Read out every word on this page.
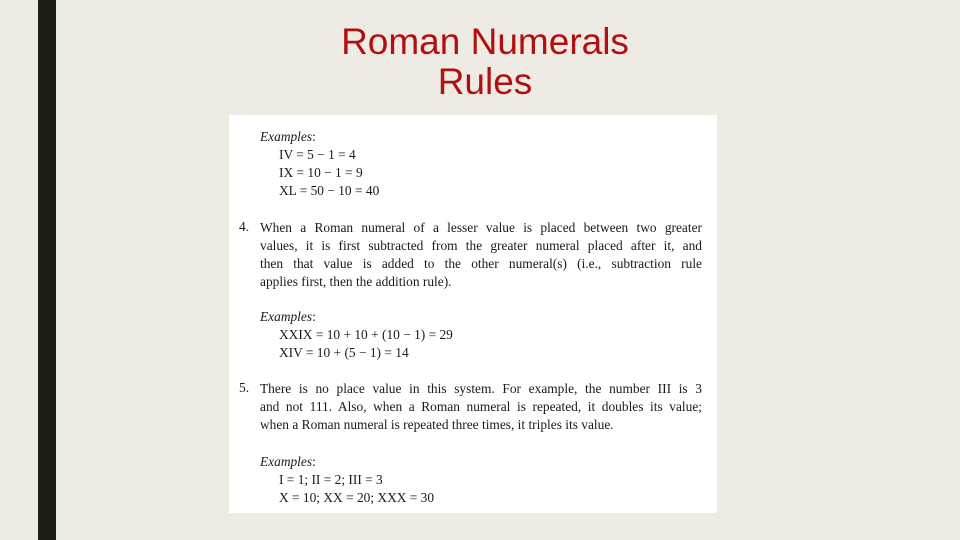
Roman Numerals
Rules
Examples:
IV = 5 − 1 = 4
IX = 10 − 1 = 9
XL = 50 − 10 = 40
4. When a Roman numeral of a lesser value is placed between two greater
values, it is first subtracted from the greater numeral placed after it, and
then that value is added to the other numeral(s) (i.e., subtraction rule
applies first, then the addition rule).
Examples:
XXIX = 10 + 10 + (10 − 1) = 29
XIV = 10 + (5 − 1) = 14
5. There is no place value in this system. For example, the number III is 3
and not 111. Also, when a Roman numeral is repeated, it doubles its value;
when a Roman numeral is repeated three times, it triples its value.
Examples:
I = 1; II = 2; III = 3
X = 10; XX = 20; XXX = 30
